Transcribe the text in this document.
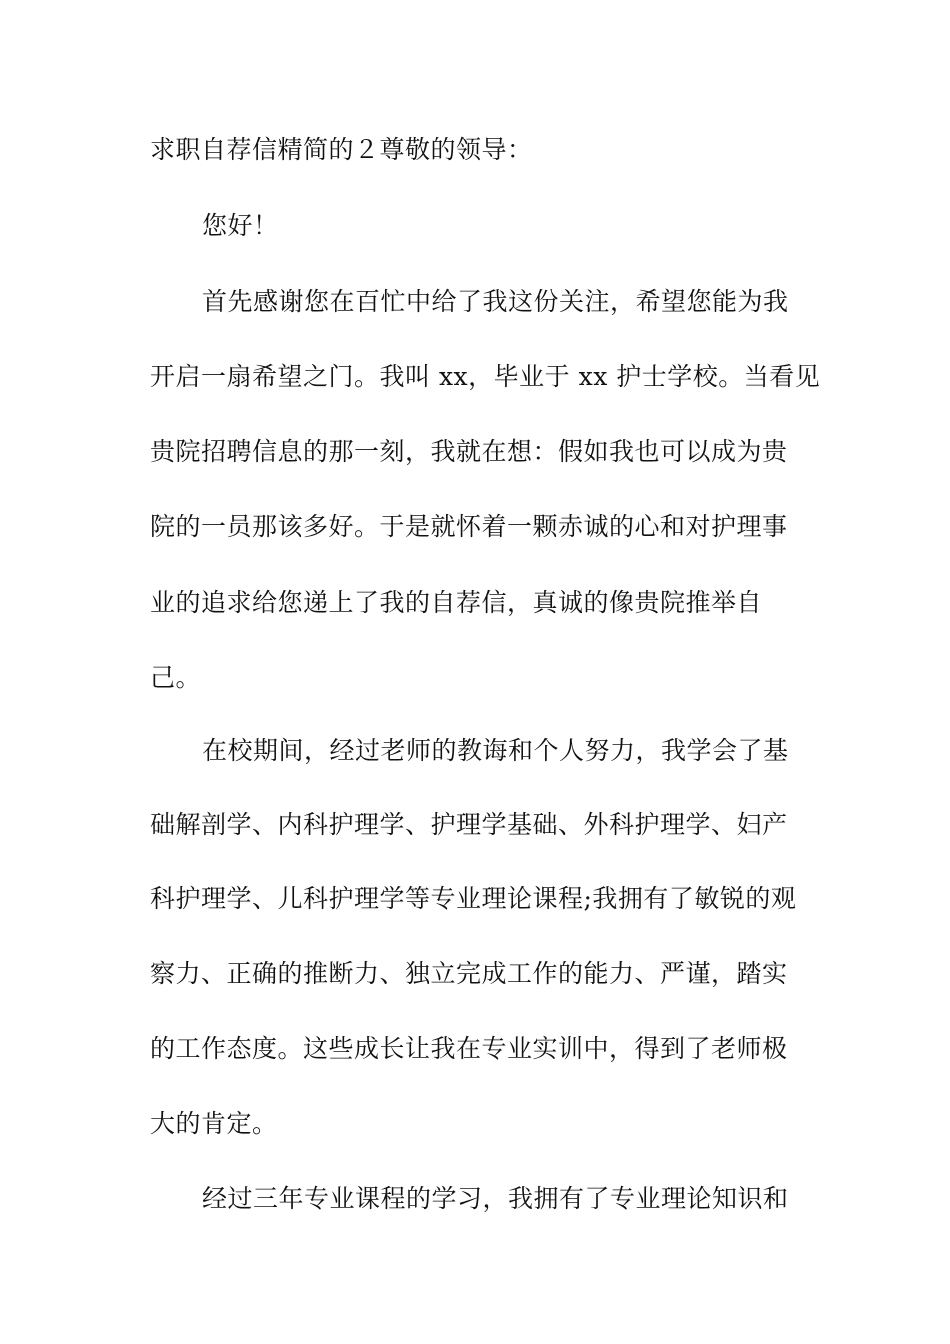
求职自荐信精简的２尊敬的领导：
您好！
首先感谢您在百忙中给了我这份关注，希望您能为我
开启一扇希望之门。我叫 xx，毕业于 xx 护士学校。当看见
贵院招聘信息的那一刻，我就在想：假如我也可以成为贵
院的一员那该多好。于是就怀着一颗赤诚的心和对护理事
业的追求给您递上了我的自荐信，真诚的像贵院推举自
己。
在校期间，经过老师的教诲和个人努力，我学会了基
础解剖学、内科护理学、护理学基础、外科护理学、妇产
科护理学、儿科护理学等专业理论课程;我拥有了敏锐的观
察力、正确的推断力、独立完成工作的能力、严谨，踏实
的工作态度。这些成长让我在专业实训中，得到了老师极
大的肯定。
经过三年专业课程的学习，我拥有了专业理论知识和
